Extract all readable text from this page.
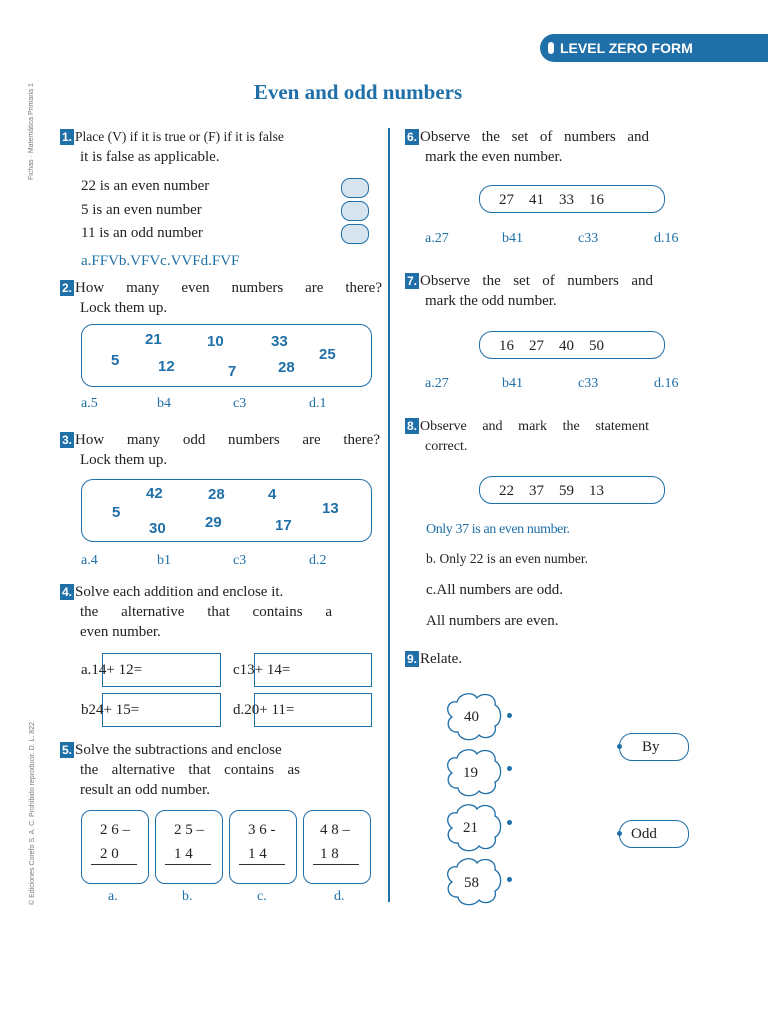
LEVEL ZERO FORM
Even and odd numbers
Fichas · Matemática Primaria 1
© Ediciones Corefo S. A. C. Prohibido reproducir. D. L. 822
1. Place (V) if it is true or (F) if it is false
it is false as applicable.
22 is an even number
5 is an even number
11 is an odd number
a.FFVb.VFVc.VVFd.FVF
2. How many even numbers are there?
Lock them up.
21	10	33
5	12	7	28
25
a.5	b4	c3	d.1
3. How many odd numbers are there?
Lock them up.
42	28	4
5
30	29	17
13
a.4	b1	c3	d.2
4. Solve each addition and enclose it.
the alternative that contains a
even number.
a.14+ 12=	c13+ 14=
b24+ 15=	d.20+ 11=
5. Solve the subtractions and enclose
the alternative that contains as
result an odd number.
2 6 –
2 0
2 5 –
1 4
3 6 -
1 4
4 8 –
1 8
a.	b.	c.	d.
6. Observe the set of numbers and
mark the even number.
27    41    33    16
a.27	b41	c33	d.16
7. Observe the set of numbers and
mark the odd number.
16    27    40    50
a.27	b41	c33	d.16
8. Observe and mark the statement
correct.
22    37    59    13
Only 37 is an even number.
b. Only 22 is an even number.
c.All numbers are odd.
All numbers are even.
9. Relate.
40
19
21
58
By
Odd
